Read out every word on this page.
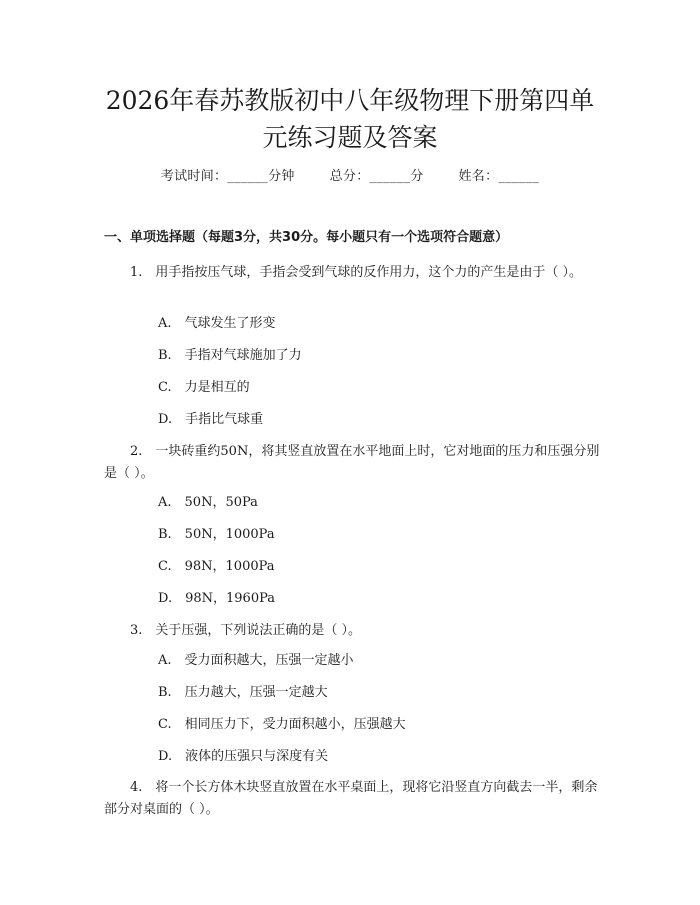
2026年春苏教版初中八年级物理下册第四单
元练习题及答案
考试时间：______分钟	总分：______分	姓名：______
一、单项选择题（每题3分，共30分。每小题只有一个选项符合题意）
1.　用手指按压气球，手指会受到气球的反作用力，这个力的产生是由于（ ）。
A.　气球发生了形变
B.　手指对气球施加了力
C.　力是相互的
D.　手指比气球重
2.　一块砖重约50N，将其竖直放置在水平地面上时，它对地面的压力和压强分别是（ ）。
A.　50N，50Pa
B.　50N，1000Pa
C.　98N，1000Pa
D.　98N，1960Pa
3.　关于压强，下列说法正确的是（ ）。
A.　受力面积越大，压强一定越小
B.　压力越大，压强一定越大
C.　相同压力下，受力面积越小，压强越大
D.　液体的压强只与深度有关
4.　将一个长方体木块竖直放置在水平桌面上，现将它沿竖直方向截去一半，剩余部分对桌面的（ ）。
